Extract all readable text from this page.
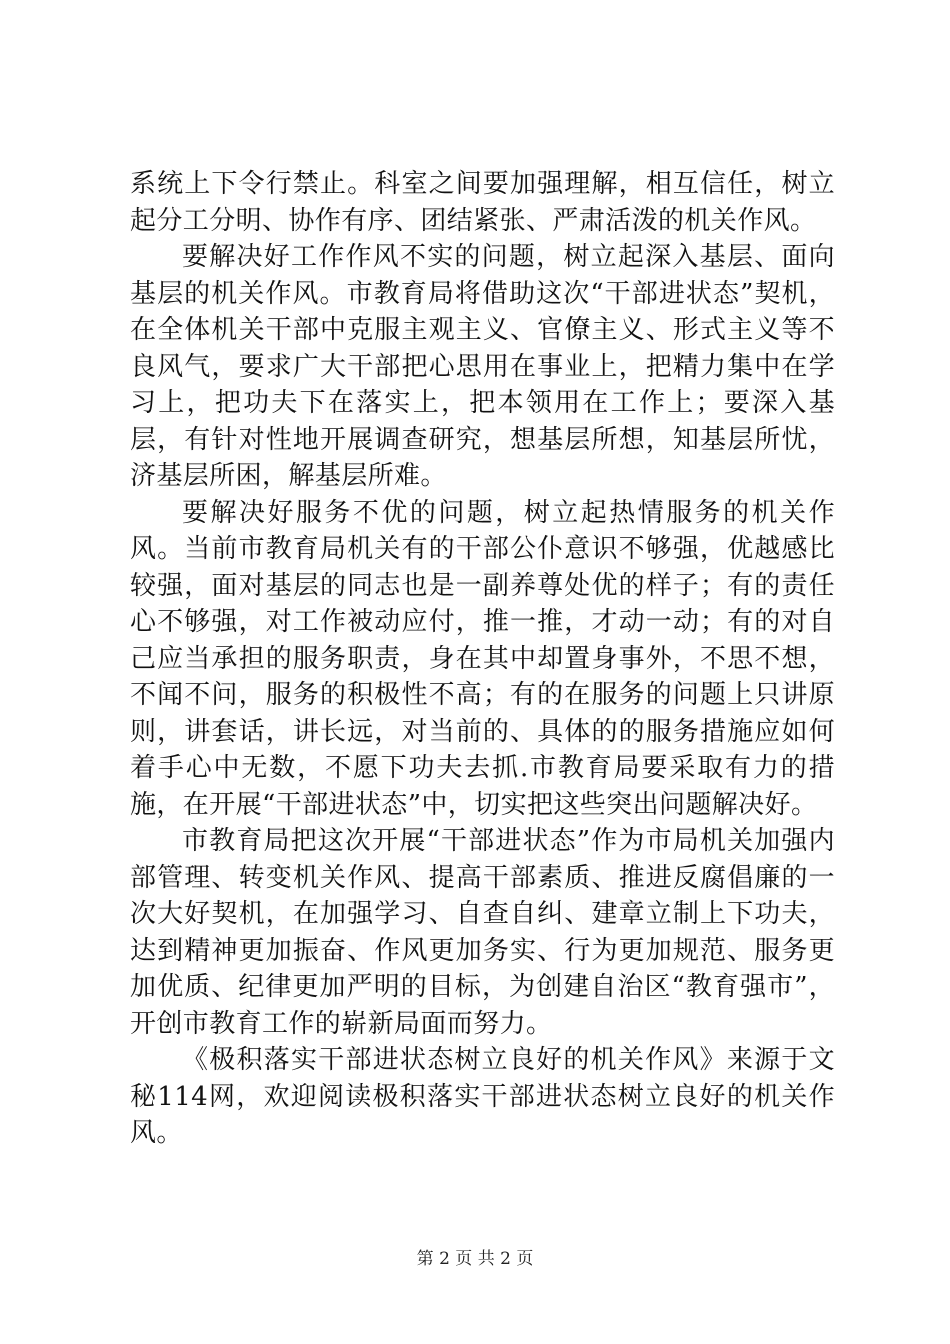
系统上下令行禁止。科室之间要加强理解，相互信任，树立起分工分明、协作有序、团结紧张、严肃活泼的机关作风。

要解决好工作作风不实的问题，树立起深入基层、面向基层的机关作风。市教育局将借助这次“干部进状态”契机，在全体机关干部中克服主观主义、官僚主义、形式主义等不良风气，要求广大干部把心思用在事业上，把精力集中在学习上，把功夫下在落实上，把本领用在工作上；要深入基层，有针对性地开展调查研究，想基层所想，知基层所忧，济基层所困，解基层所难。

要解决好服务不优的问题，树立起热情服务的机关作风。当前市教育局机关有的干部公仆意识不够强，优越感比较强，面对基层的同志也是一副养尊处优的样子；有的责任心不够强，对工作被动应付，推一推，才动一动；有的对自己应当承担的服务职责，身在其中却置身事外，不思不想，不闻不问，服务的积极性不高；有的在服务的问题上只讲原则，讲套话，讲长远，对当前的、具体的的服务措施应如何着手心中无数，不愿下功夫去抓.市教育局要采取有力的措施，在开展“干部进状态”中，切实把这些突出问题解决好。

市教育局把这次开展“干部进状态”作为市局机关加强内部管理、转变机关作风、提高干部素质、推进反腐倡廉的一次大好契机，在加强学习、自查自纠、建章立制上下功夫，达到精神更加振奋、作风更加务实、行为更加规范、服务更加优质、纪律更加严明的目标，为创建自治区“教育强市”，开创市教育工作的崭新局面而努力。

《极积落实干部进状态树立良好的机关作风》来源于文秘114网，欢迎阅读极积落实干部进状态树立良好的机关作风。

第 2 页 共 2 页
